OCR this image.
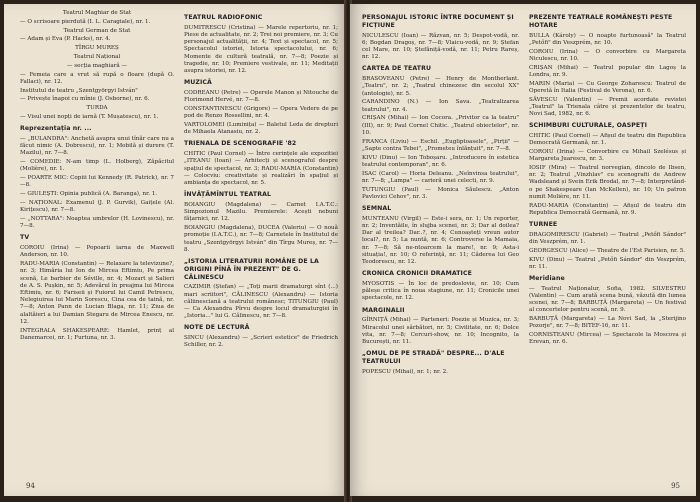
Teatrul Maghiar de Stat

— O scrisoare pierdută (I. L. Caragiale), nr. 1.

Teatrul German de Stat

— Adam și Eva (P. Hacks), nr. 4.

TÎRGU MUREȘ

Teatrul Național

— secția maghiară —

— Femeia care a vrut să rupă o floare (după O. Fallaci), nr. 12.

Institutul de teatru „Szentgyörgyi István"

— Privește înapoi cu mînie (J. Osborne), nr. 6.

TURDA

— Visul unei nopți de iarnă (T. Mușatescu), nr. 1.

Reprezentația nr. ...

— „BULANDRA": Anchetă asupra unui tînăr care nu a făcut nimic (A. Dobrescu), nr. 1; Mobilă și durere (T. Mazilu), nr. 7—8.

— COMEDIE: N-am timp (L. Holberg), Zăpăcitul (Molière), nr. 1.

— POARTE MIC: Copiii lui Kennedy (R. Patrick), nr. 7—8.

— GIULEȘTI: Opinia publică (A. Baranga), nr. 1.

— NAȚIONAL: Examenul (J. P. Gurvik), Gaițele (Al. Kirițescu), nr. 7—8.

— „NOTTARA": Noaptea umbrelor (H. Lovinescu), nr. 7—8.

TV

COROIU (Irina) — Popoarii iarna de Maxwell Anderson, nr. 10.

RADU-MARIA (Constantin) — Relaxare la televizune?, nr. 3; Himăria lui Ion de Mircea Eftimiu, Pe prima scenă, Le barbier de Séville, nr. 4; Mozart și Salieri de A. S. Pușkin, nr. 5; Adevărul în preajma lui Mircea Eftimiu, nr. 6; Fariseii și Fuiorul lui Camil Petrescu, Nelegiuirea lui Marin Sorescu, Cina cea de taină, nr. 7—8; Anton Pann de Lucian Blaga, nr. 11; Ziua de alaltăieri a lui Damian Stegaru de Mircea Enescu, nr. 12.

INTEGRALA SHAKESPEARE: Hamlet, prinț al Danemarcei, nr. 1; Furtuna, nr. 3.

TEATRUL RADIOFONIC

DUMITRESCU (Cristina) — Marele repertoriu, nr. 1; Piese de actualitate, nr. 2; Trei noi premiere, nr. 3; Cu personajul actualității, nr. 4; Text și spectacol, nr. 5; Spectacolul istoriei, Istoria spectacolului, nr. 6; Momente de cultură teatrală, nr. 7—8; Poezie și tragedie, nr. 10; Premiere vestivale, nr. 11; Meditații asupra istoriei, nr. 12.

MUZICĂ

CODREANU (Petre) — Operele Manon și Nitouche de Florimond Hervé, nr. 7—8.

CONSTANTINESCU (Grigore) — Opera Vedere de pe pod de Renzo Rossellini, nr. 4.

VARTOLOMEI (Luminița) — Baletul Leda de drepturi de Mihaela Atanasiu, nr. 2.

TRIENALA DE SCENOGRAFIE '82

CHITIC (Paul Cornel) — Între cerințele ale expozitiei „ITEANU (Ioan) — Arhitecți și scenograful despre spațiul de spectacol, nr. 3; RADU-MARIA (Constantin) — Colocviu: creativitate și realizări în spațiul și ambianța de spectacol, nr. 5.

ÎNVĂȚĂMÎNTUL TEATRAL

BOIANGIU (Magdalena) — Carnet I.A.T.C.: Simpozionul Mazilu. Premierele: Acești nebuni fățarnici, nr. 12.

BOIANGIU (Magdalena), DUCEA (Valeriu) — O nouă promoție (I.A.T.C.), nr. 7—8; Carnetele în Institutul de teatru „Szentgyörgyi István" din Tîrgu Mureș, nr. 7—8.

„ISTORIA LITERATURII ROMÂNE DE LA ORIGINI PÎNĂ ÎN PREZENT" DE G. CĂLINESCU

CAZIMIR (Ștefan) — „Toți marii dramaturgi sînt (...) mari scriitori", CĂLINESCU (Alexandru) — Istoria căliinesciană a teatrului românesc; TITUNGIU (Paul) — Ca Alexandra Pîrvu despre locul dramaturgiei în „Istoria..." lui G. Călinescu, nr. 7—8.

NOTE DE LECTURĂ

SINCU (Alexandru) — „Scrieri estetice" de Friedrich Schiller, nr. 2.

94
PERSONAJUL ISTORIC ÎNTRE DOCUMENT ȘI FICȚIUNE

NICULESCU (Ioan) — Răzvan, nr. 5; Despot-vodă, nr. 6; Bogdan Dragoș, nr. 7—8; Vlaicu-vodă, nr. 9; Ștefan cel Mare, nr. 10; Ștefăniță-vodă, nr. 11; Petru Rareș, nr. 12.

CARTEA DE TEATRU

BRASOVEANU (Petre) — Henry de Montherlant. „Teatru", nr. 2; „Teatrul chinezesc din secolul XX" (antologie), nr. 5.

CARANDINO (N.) — Ion Sava. „Teatralizarea teatrului", nr. 4.

CRIȘAN (Mihai) — Ion Cocora. „Privitor ca la teatru" (III), nr. 9; Paul Cornel Chitic. „Teatrul obiectelor", nr. 10.

FRANCA (Liviu) — Eschil. „Eugliptoasele", „Pirții" — „Sapte contra Tebei", „Prometeu înlănțuit", nr. 7—8.

KIVU (Dinu) — Ion Toboșaru. „Introducere în estetica teatrului contemporan", nr. 6.

ISAC (Carol) — Horia Deleanu. „Neînvinsa teatrului", nr. 7—8; „Lampa" — carieră unei celecti, nr. 9.

TUTUNGIU (Paul) — Monica Săulescu. „Anton Pavlovici Cehov", nr. 3.

SEMNAL

MUNTEANU (Virgil) — Este-i sera, nr. 1; Un reporter, nr. 2; Inventăile, în slujba scenei, nr. 3; Dar al doilea? Dar al treilea? Dar..?, nr. 4; Cunoașteți vreun autor local?, nr. 5; La nuntă, nr. 6; Controverse la Mamaia, nr. 7—8; Să ne-ntoarcem la mare!, nr. 9; Asta-i situația!, nr. 10; O referință, nr. 11; Căderea lui Geo Teodorescu, nr. 12.

CRONICA CRONICII DRAMATICE

MYOSOTIS — În loc de predoslovie, nr. 10; Cum păleșe critica în noua stagiune, nr. 11; Cronicile unei spectacole, nr. 12.

MARGINALII

GÎRNIȚĂ (Mihai) — Parteneri: Poezie și Muzica, nr. 3; Miracolul unei sărbători, nr. 5; Civilitate, nr. 6; Dolce vita, nr. 7—8; Cercuri-show, nr. 10; Incognito, la București, nr. 11.

„OMUL DE PE STRADĂ" DESPRE... D'ALE TEATRULUI

POPESCU (Mihai), nr. 1; nr. 2.

PREZENTE TEATRALE ROMÂNEȘTI PESTE HOTARE

BULLA (Károly) — O noapte furtunoasă" la Teatrul „Petőfi" din Veszprém, nr. 10.

COROIU (Irina) — O convorbire cu Margareta Niculescu, nr. 10.

CRIȘAN (Mihai) — Teatrul popular din Lagoș la Londra, nr. 9.

MARIN (Maria) — Cu George Zoharescu: Teatrul de Operetă în Italia (Festival de Verona), nr. 6.

SĂVESCU (Valentin) — Premii acordate revistei „Teatrul" la Trienala câtre și prezentelor de teatru, Novi Sad, 1982, nr. 6.

SCHIMBURI CULTURALE, OASPEȚI

CHITIC (Paul Cornel) — Afișul de teatru din Republica Democrată Germană, nr. 1.

COROIU (Irina) — Convorbire cu Mihail Szelésus și Margareta Juarescu, nr. 3.

IOSIF (Mira) — Teatrul norvegian, dincolo de Ibsen, nr. 2; Teatrul „Vinzhlav" cu scenografii de Andrew Wadsleand și Svein Erik Brodal, nr. 7—8; Interpretând-o pe Shakespeare (Ian McKellen), nr. 10; Un patron numit Molière, nr. 11.

RADU-MARIA (Constantin) — Afișul de teatru din Republica Democrată Germană, nr. 9.

TURNEE

DRAGOMIRESCU (Gabriel) — Teatrul „Petőfi Sándor" din Veszprém, nr. 1.

GEORGESCU (Alice) — Theatre de l'Est Parisien, nr. 5.

KIVU (Dinu) — Teatrul „Petőfi Sándor" din Veszprém, nr. 11.

Meridiane

— Teatrul Naționalur, Sofia, 1982. SILVESTRU (Valentin) — Cum arată scena bună, văzută din lumea scenei, nr. 7—8; BARBUȚĂ (Margareta) — Un festival al concertelor pentru scenă, nr. 9.

BARBUȚĂ (Margareta) — La Novi Sad, la „Sterijino Pozorje", nr. 7—8; BITEF-16, nr. 11.

CORNISTEANU (Mircea) — Spectacole la Moscova și Erevan, nr. 6.

95
